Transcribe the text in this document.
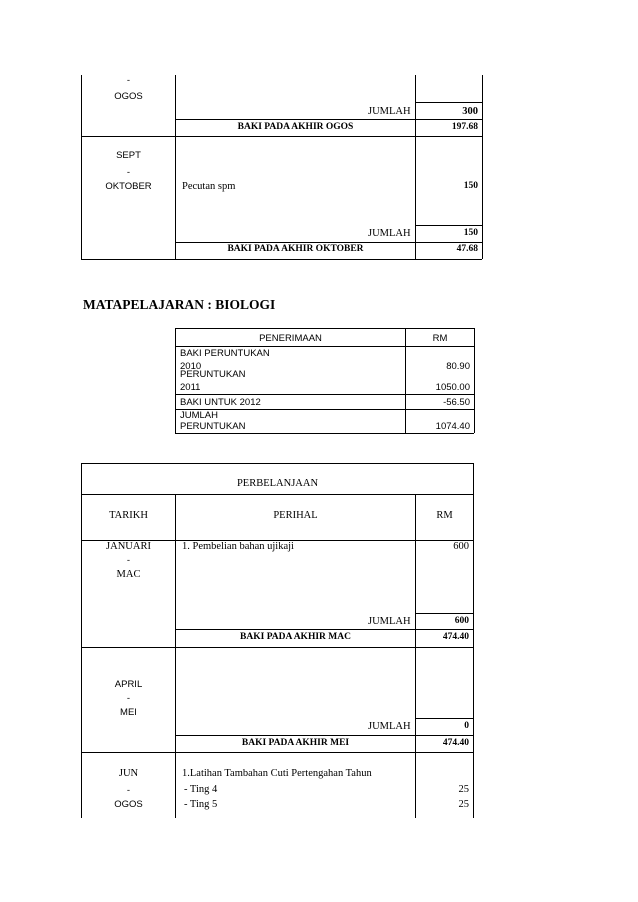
-
OGOS
JUMLAH	300
BAKI PADA AKHIR OGOS	197.68
SEPT
-
OKTOBER	Pecutan spm	150
JUMLAH	150
BAKI PADA AKHIR OKTOBER	47.68
MATAPELAJARAN : BIOLOGI
PENERIMAAN	RM
BAKI PERUNTUKAN
2010	80.90
PERUNTUKAN
2011	1050.00
BAKI UNTUK 2012	-56.50
JUMLAH
PERUNTUKAN	1074.40
PERBELANJAAN
TARIKH	PERIHAL	RM
JANUARI
-
MAC
1. Pembelian bahan ujikaji	600
JUMLAH	600
BAKI PADA AKHIR MAC	474.40
APRIL
-
MEI
JUMLAH	0
BAKI PADA AKHIR MEI	474.40
JUN
-
OGOS
1.Latihan Tambahan Cuti Pertengahan Tahun
- Ting 4	25
- Ting 5	25
